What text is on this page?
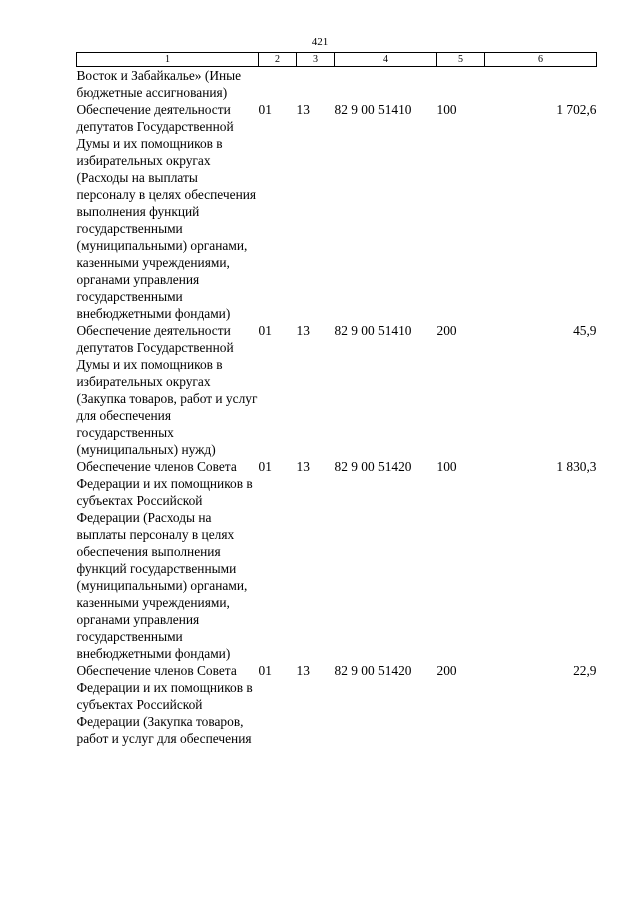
421
1	2	3	4	5	6
Восток и Забайкалье» (Иные бюджетные ассигнования)					
Обеспечение деятельности депутатов Государственной Думы и их помощников в избирательных округах (Расходы на выплаты персоналу в целях обеспечения выполнения функций государственными (муниципальными) органами, казенными учреждениями, органами управления государственными внебюджетными фондами)	01	13	82 9 00 51410	100	1 702,6
Обеспечение деятельности депутатов Государственной Думы и их помощников в избирательных округах (Закупка товаров, работ и услуг для обеспечения государственных (муниципальных) нужд)	01	13	82 9 00 51410	200	45,9
Обеспечение членов Совета Федерации и их помощников в субъектах Российской Федерации (Расходы на выплаты персоналу в целях обеспечения выполнения функций государственными (муниципальными) органами, казенными учреждениями, органами управления государственными внебюджетными фондами)	01	13	82 9 00 51420	100	1 830,3
Обеспечение членов Совета Федерации и их помощников в субъектах Российской Федерации (Закупка товаров, работ и услуг для обеспечения	01	13	82 9 00 51420	200	22,9
